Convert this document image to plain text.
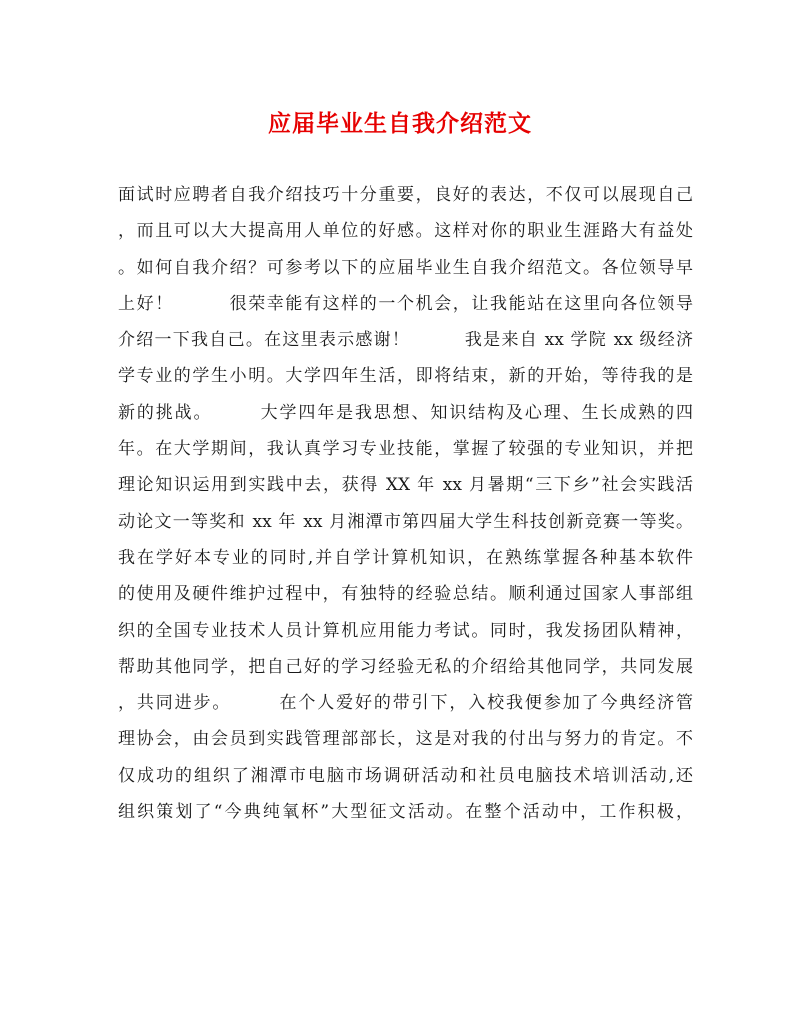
应届毕业生自我介绍范文
面试时应聘者自我介绍技巧十分重要，良好的表达，不仅可以展现自己
，而且可以大大提高用人单位的好感。这样对你的职业生涯路大有益处
。如何自我介绍？可参考以下的应届毕业生自我介绍范文。各位领导早
上好！　　　很荣幸能有这样的一个机会，让我能站在这里向各位领导
介绍一下我自己。在这里表示感谢！　　　我是来自 xx 学院 xx 级经济
学专业的学生小明。大学四年生活，即将结束，新的开始，等待我的是
新的挑战。　　　大学四年是我思想、知识结构及心理、生长成熟的四
年。在大学期间，我认真学习专业技能，掌握了较强的专业知识，并把
理论知识运用到实践中去，获得 XX 年 xx 月暑期“三下乡”社会实践活
动论文一等奖和 xx 年 xx 月湘潭市第四届大学生科技创新竞赛一等奖。
我在学好本专业的同时,并自学计算机知识，在熟练掌握各种基本软件
的使用及硬件维护过程中，有独特的经验总结。顺利通过国家人事部组
织的全国专业技术人员计算机应用能力考试。同时，我发扬团队精神，
帮助其他同学，把自己好的学习经验无私的介绍给其他同学，共同发展
，共同进步。　　　在个人爱好的带引下，入校我便参加了今典经济管
理协会，由会员到实践管理部部长，这是对我的付出与努力的肯定。不
仅成功的组织了湘潭市电脑市场调研活动和社员电脑技术培训活动,还
组织策划了“今典纯氧杯”大型征文活动。在整个活动中，工作积极，
